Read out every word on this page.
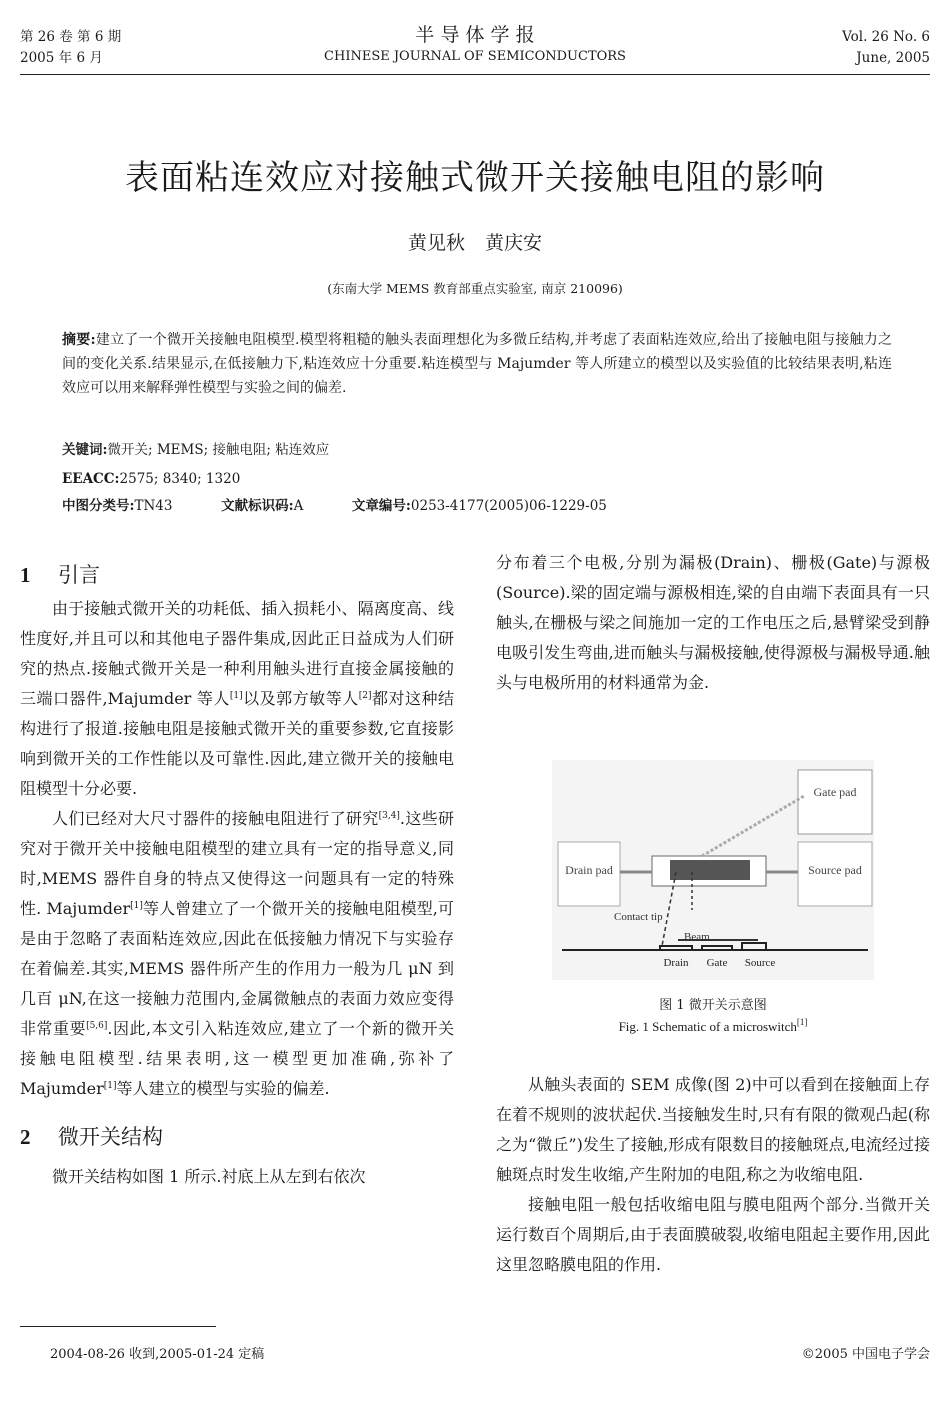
第 26 卷 第 6 期
2005 年 6 月
半 导 体 学 报
CHINESE JOURNAL OF SEMICONDUCTORS
Vol. 26 No. 6
June, 2005
表面粘连效应对接触式微开关接触电阻的影响
黄见秋 黄庆安
(东南大学 MEMS 教育部重点实验室, 南京 210096)
摘要:建立了一个微开关接触电阻模型.模型将粗糙的触头表面理想化为多微丘结构,并考虑了表面粘连效应,给出了接触电阻与接触力之间的变化关系.结果显示,在低接触力下,粘连效应十分重要.粘连模型与 Majumder 等人所建立的模型以及实验值的比较结果表明,粘连效应可以用来解释弹性模型与实验之间的偏差.
关键词:微开关; MEMS; 接触电阻; 粘连效应
EEACC:2575; 8340; 1320
中图分类号:TN43	文献标识码:A	文章编号:0253-4177(2005)06-1229-05
1 引言
由于接触式微开关的功耗低、插入损耗小、隔离度高、线性度好,并且可以和其他电子器件集成,因此正日益成为人们研究的热点.接触式微开关是一种利用触头进行直接金属接触的三端口器件,Majumder 等人[1]以及郭方敏等人[2]都对这种结构进行了报道.接触电阻是接触式微开关的重要参数,它直接影响到微开关的工作性能以及可靠性.因此,建立微开关的接触电阻模型十分必要.
人们已经对大尺寸器件的接触电阻进行了研究[3,4].这些研究对于微开关中接触电阻模型的建立具有一定的指导意义,同时,MEMS 器件自身的特点又使得这一问题具有一定的特殊性. Majumder[1]等人曾建立了一个微开关的接触电阻模型,可是由于忽略了表面粘连效应,因此在低接触力情况下与实验存在着偏差.其实,MEMS 器件所产生的作用力一般为几 μN 到几百 μN,在这一接触力范围内,金属微触点的表面力效应变得非常重要[5,6].因此,本文引入粘连效应,建立了一个新的微开关接触电阻模型.结果表明,这一模型更加准确,弥补了 Majumder[1]等人建立的模型与实验的偏差.
2 微开关结构
微开关结构如图 1 所示.衬底上从左到右依次
分布着三个电极,分别为漏极(Drain)、栅极(Gate)与源极(Source).梁的固定端与源极相连,梁的自由端下表面具有一只触头,在栅极与梁之间施加一定的工作电压之后,悬臂梁受到静电吸引发生弯曲,进而触头与漏极接触,使得源极与漏极导通.触头与电极所用的材料通常为金.
Gate pad
Drain pad	Source pad
Contact tip
Beam
Drain Gate Source
图 1 微开关示意图
Fig. 1 Schematic of a microswitch[1]
从触头表面的 SEM 成像(图 2)中可以看到在接触面上存在着不规则的波状起伏.当接触发生时,只有有限的微观凸起(称之为“微丘”)发生了接触,形成有限数目的接触斑点,电流经过接触斑点时发生收缩,产生附加的电阻,称之为收缩电阻.
接触电阻一般包括收缩电阻与膜电阻两个部分.当微开关运行数百个周期后,由于表面膜破裂,收缩电阻起主要作用,因此这里忽略膜电阻的作用.
2004-08-26 收到,2005-01-24 定稿	©2005 中国电子学会
